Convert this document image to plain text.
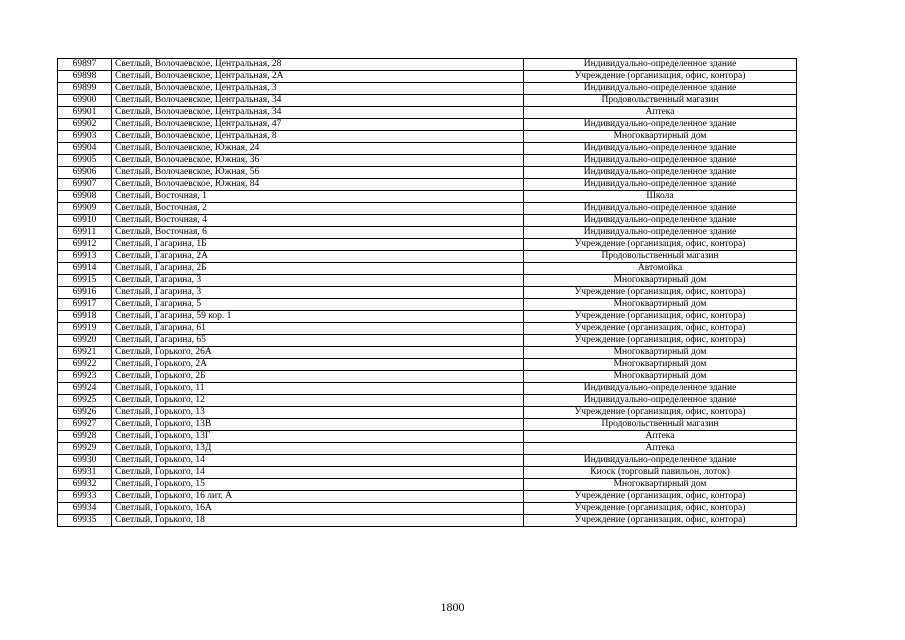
69897	Светлый, Волочаевское, Центральная, 28	Индивидуально-определенное здание
69898	Светлый, Волочаевское, Центральная, 2А	Учреждение (организация, офис, контора)
69899	Светлый, Волочаевское, Центральная, 3	Индивидуально-определенное здание
69900	Светлый, Волочаевское, Центральная, 34	Продовольственный магазин
69901	Светлый, Волочаевское, Центральная, 34	Аптека
69902	Светлый, Волочаевское, Центральная, 47	Индивидуально-определенное здание
69903	Светлый, Волочаевское, Центральная, 8	Многоквартирный дом
69904	Светлый, Волочаевское, Южная, 24	Индивидуально-определенное здание
69905	Светлый, Волочаевское, Южная, 36	Индивидуально-определенное здание
69906	Светлый, Волочаевское, Южная, 56	Индивидуально-определенное здание
69907	Светлый, Волочаевское, Южная, 84	Индивидуально-определенное здание
69908	Светлый, Восточная, 1	Школа
69909	Светлый, Восточная, 2	Индивидуально-определенное здание
69910	Светлый, Восточная, 4	Индивидуально-определенное здание
69911	Светлый, Восточная, 6	Индивидуально-определенное здание
69912	Светлый, Гагарина, 1Б	Учреждение (организация, офис, контора)
69913	Светлый, Гагарина, 2А	Продовольственный магазин
69914	Светлый, Гагарина, 2Б	Автомойка
69915	Светлый, Гагарина, 3	Многоквартирный дом
69916	Светлый, Гагарина, 3	Учреждение (организация, офис, контора)
69917	Светлый, Гагарина, 5	Многоквартирный дом
69918	Светлый, Гагарина, 59 кор. 1	Учреждение (организация, офис, контора)
69919	Светлый, Гагарина, 61	Учреждение (организация, офис, контора)
69920	Светлый, Гагарина, 65	Учреждение (организация, офис, контора)
69921	Светлый, Горького, 26А	Многоквартирный дом
69922	Светлый, Горького, 2А	Многоквартирный дом
69923	Светлый, Горького, 2Б	Многоквартирный дом
69924	Светлый, Горького, 11	Индивидуально-определенное здание
69925	Светлый, Горького, 12	Индивидуально-определенное здание
69926	Светлый, Горького, 13	Учреждение (организация, офис, контора)
69927	Светлый, Горького, 13В	Продовольственный магазин
69928	Светлый, Горького, 13Г	Аптека
69929	Светлый, Горького, 13Д	Аптека
69930	Светлый, Горького, 14	Индивидуально-определенное здание
69931	Светлый, Горького, 14	Киоск (торговый павильон, лоток)
69932	Светлый, Горького, 15	Многоквартирный дом
69933	Светлый, Горького, 16 лит. А	Учреждение (организация, офис, контора)
69934	Светлый, Горького, 16А	Учреждение (организация, офис, контора)
69935	Светлый, Горького, 18	Учреждение (организация, офис, контора)
1800
